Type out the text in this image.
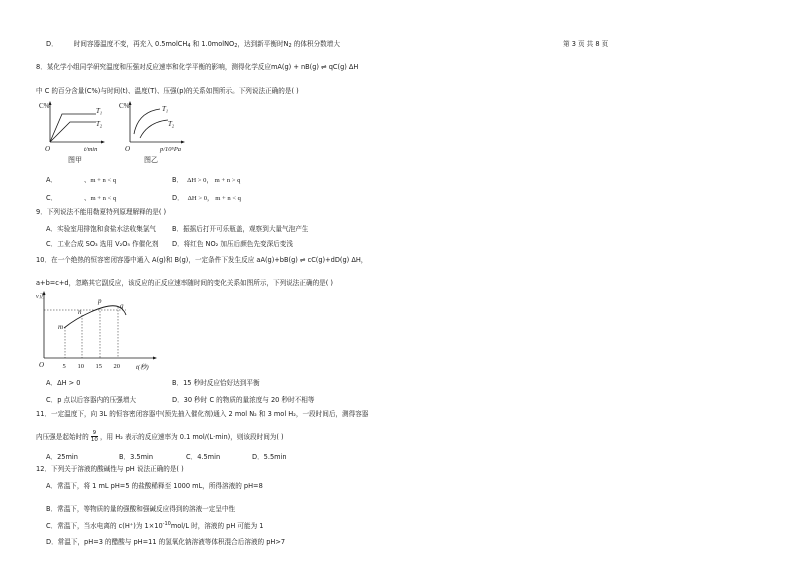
第 3 页 共 8 页
D． 时间容器温度不变，再充入 0.5molCH$_4$ 和 1.0molNO$_2$，达到新平衡时$N_2$ 的体积分数增大
8．某化学小组同学研究温度和压强对反应速率和化学平衡的影响，测得化学反应mA(g) + nB(g) ⇌ qC(g) ΔH
中 C 的百分含量(C%)与时间(t)、温度(T)、压强(p)的关系如图所示。下列说法正确的是( )
C%
O	t/min
$T_1$
$T_2$
图甲
C%
O	p/10⁵Pa
$T_1$
$T_2$
图乙
A．	、m + n < q	B． ΔH > 0， m + n > q
C．	、m + n < q	D． ΔH > 0， m + n < q
9．下列说法不能用勒夏特列原理解释的是( )
A．实验室用排饱和食盐水法收集氯气 B．振摇后打开可乐瓶盖，观察到大量气泡产生
C．工业合成 SO₃ 选用 V₂O₅ 作催化剂 D．将红色 NO₂ 加压后颜色先变深后变浅
10．在一个绝热的恒容密闭容器中通入 A(g)和 B(g)，一定条件下发生反应 aA(g)+bB(g) ⇌ cC(g)+dD(g) ΔH，
a+b=c+d，忽略其它副反应，该反应的正反应速率随时间的变化关系如图所示，下列说法正确的是( )
v正
O	5 10 15 20 t(秒)
m
n
p
q
A．ΔH > 0	B．15 秒时反应恰好达到平衡
C．p 点以后容器内的压强增大	D．30 秒时 C 的物质的量浓度与 20 秒时不相等
11．一定温度下，向 3L 的恒容密闭容器中(预先抽入催化剂)通入 2 mol N₂ 和 3 mol H₂，一段时间后，测得容器
内压强是起始时的 $\frac{9}{10}$ ，用 H₂ 表示的反应速率为 0.1 mol/(L·min)，则该段时间为( )
A．25min	B．3.5min	C．4.5min	D．5.5min
12．下列关于溶液的酸碱性与 pH 说法正确的是( )
A．常温下，将 1 mL pH=5 的盐酸稀释至 1000 mL，所得溶液的 pH=8
B．常温下，等物质的量的强酸和强碱反应得到的溶液一定呈中性
C．常温下，当水电离的 c(H⁺)为 $1\times 10^{-10}mol/L$ 时，溶液的 pH 可能为 1
D．常温下，pH=3 的醋酸与 pH=11 的氢氧化钠溶液等体积混合后溶液的 pH>7
